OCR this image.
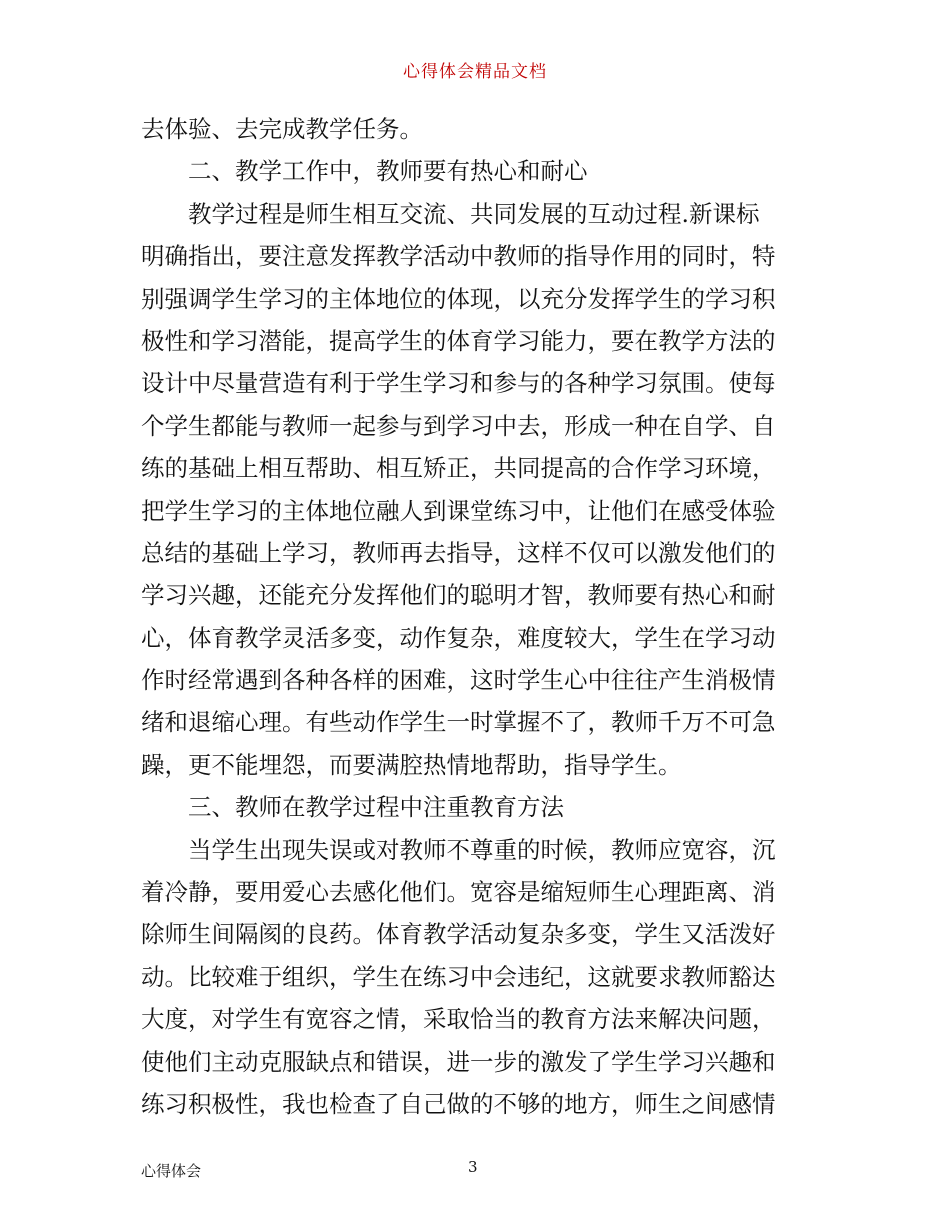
心得体会精品文档
去体验、去完成教学任务。
二、教学工作中，教师要有热心和耐心
教学过程是师生相互交流、共同发展的互动过程.新课标
明确指出，要注意发挥教学活动中教师的指导作用的同时，特
别强调学生学习的主体地位的体现，以充分发挥学生的学习积
极性和学习潜能，提高学生的体育学习能力，要在教学方法的
设计中尽量营造有利于学生学习和参与的各种学习氛围。使每
个学生都能与教师一起参与到学习中去，形成一种在自学、自
练的基础上相互帮助、相互矫正，共同提高的合作学习环境，
把学生学习的主体地位融人到课堂练习中，让他们在感受体验
总结的基础上学习，教师再去指导，这样不仅可以激发他们的
学习兴趣，还能充分发挥他们的聪明才智，教师要有热心和耐
心，体育教学灵活多变，动作复杂，难度较大，学生在学习动
作时经常遇到各种各样的困难，这时学生心中往往产生消极情
绪和退缩心理。有些动作学生一时掌握不了，教师千万不可急
躁，更不能埋怨，而要满腔热情地帮助，指导学生。
三、教师在教学过程中注重教育方法
当学生出现失误或对教师不尊重的时候，教师应宽容，沉
着冷静，要用爱心去感化他们。宽容是缩短师生心理距离、消
除师生间隔阂的良药。体育教学活动复杂多变，学生又活泼好
动。比较难于组织，学生在练习中会违纪，这就要求教师豁达
大度，对学生有宽容之情，采取恰当的教育方法来解决问题，
使他们主动克服缺点和错误，进一步的激发了学生学习兴趣和
练习积极性，我也检查了自己做的不够的地方，师生之间感情
心得体会	3
